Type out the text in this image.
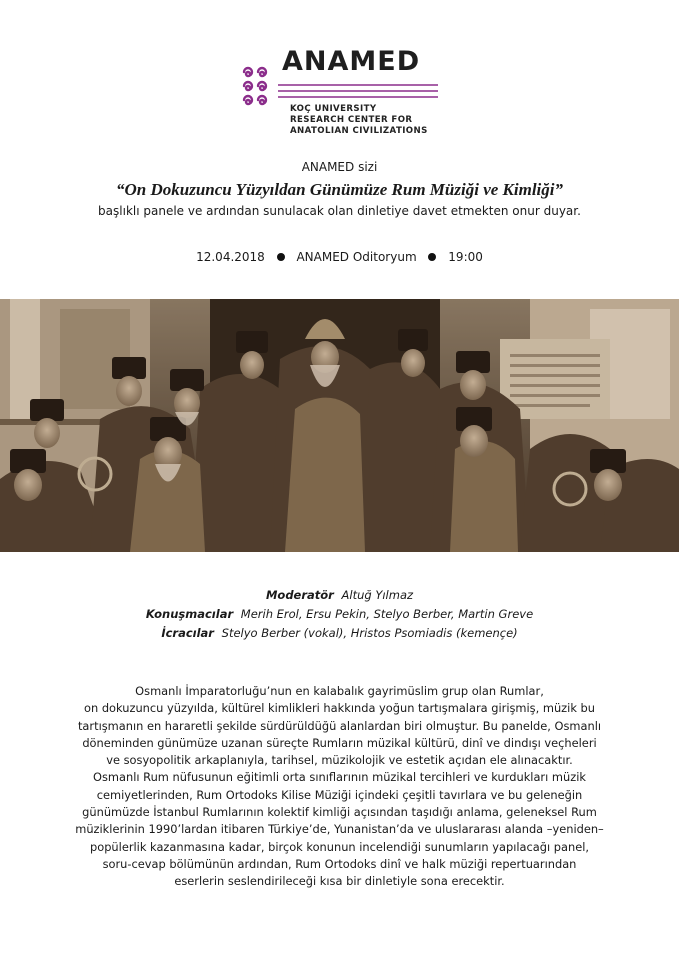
ANAMED
KOÇ UNIVERSITY
RESEARCH CENTER FOR
ANATOLIAN CIVILIZATIONS
ANAMED sizi
“On Dokuzuncu Yüzyıldan Günümüze Rum Müziği ve Kimliği”
başlıklı panele ve ardından sunulacak olan dinletiye davet etmekten onur duyar.
12.04.2018	ANAMED Oditoryum	19:00
Moderatör Altuğ Yılmaz
Konuşmacılar Merih Erol, Ersu Pekin, Stelyo Berber, Martin Greve
İcracılar Stelyo Berber (vokal), Hristos Psomiadis (kemençe)
Osmanlı İmparatorluğu’nun en kalabalık gayrimüslim grup olan Rumlar,
on dokuzuncu yüzyılda, kültürel kimlikleri hakkında yoğun tartışmalara girişmiş, müzik bu
tartışmanın en hararetli şekilde sürdürüldüğü alanlardan biri olmuştur. Bu panelde, Osmanlı
döneminden günümüze uzanan süreçte Rumların müzikal kültürü, dinî ve dindışı veçheleri
ve sosyopolitik arkaplanıyla, tarihsel, müzikolojik ve estetik açıdan ele alınacaktır.
Osmanlı Rum nüfusunun eğitimli orta sınıflarının müzikal tercihleri ve kurdukları müzik
cemiyetlerinden, Rum Ortodoks Kilise Müziği içindeki çeşitli tavırlara ve bu geleneğin
günümüzde İstanbul Rumlarının kolektif kimliği açısından taşıdığı anlama, geleneksel Rum
müziklerinin 1990’lardan itibaren Türkiye’de, Yunanistan’da ve uluslararası alanda –yeniden–
popülerlik kazanmasına kadar, birçok konunun incelendiği sunumların yapılacağı panel,
soru-cevap bölümünün ardından, Rum Ortodoks dinî ve halk müziği repertuarından
eserlerin seslendirileceği kısa bir dinletiyle sona erecektir.
